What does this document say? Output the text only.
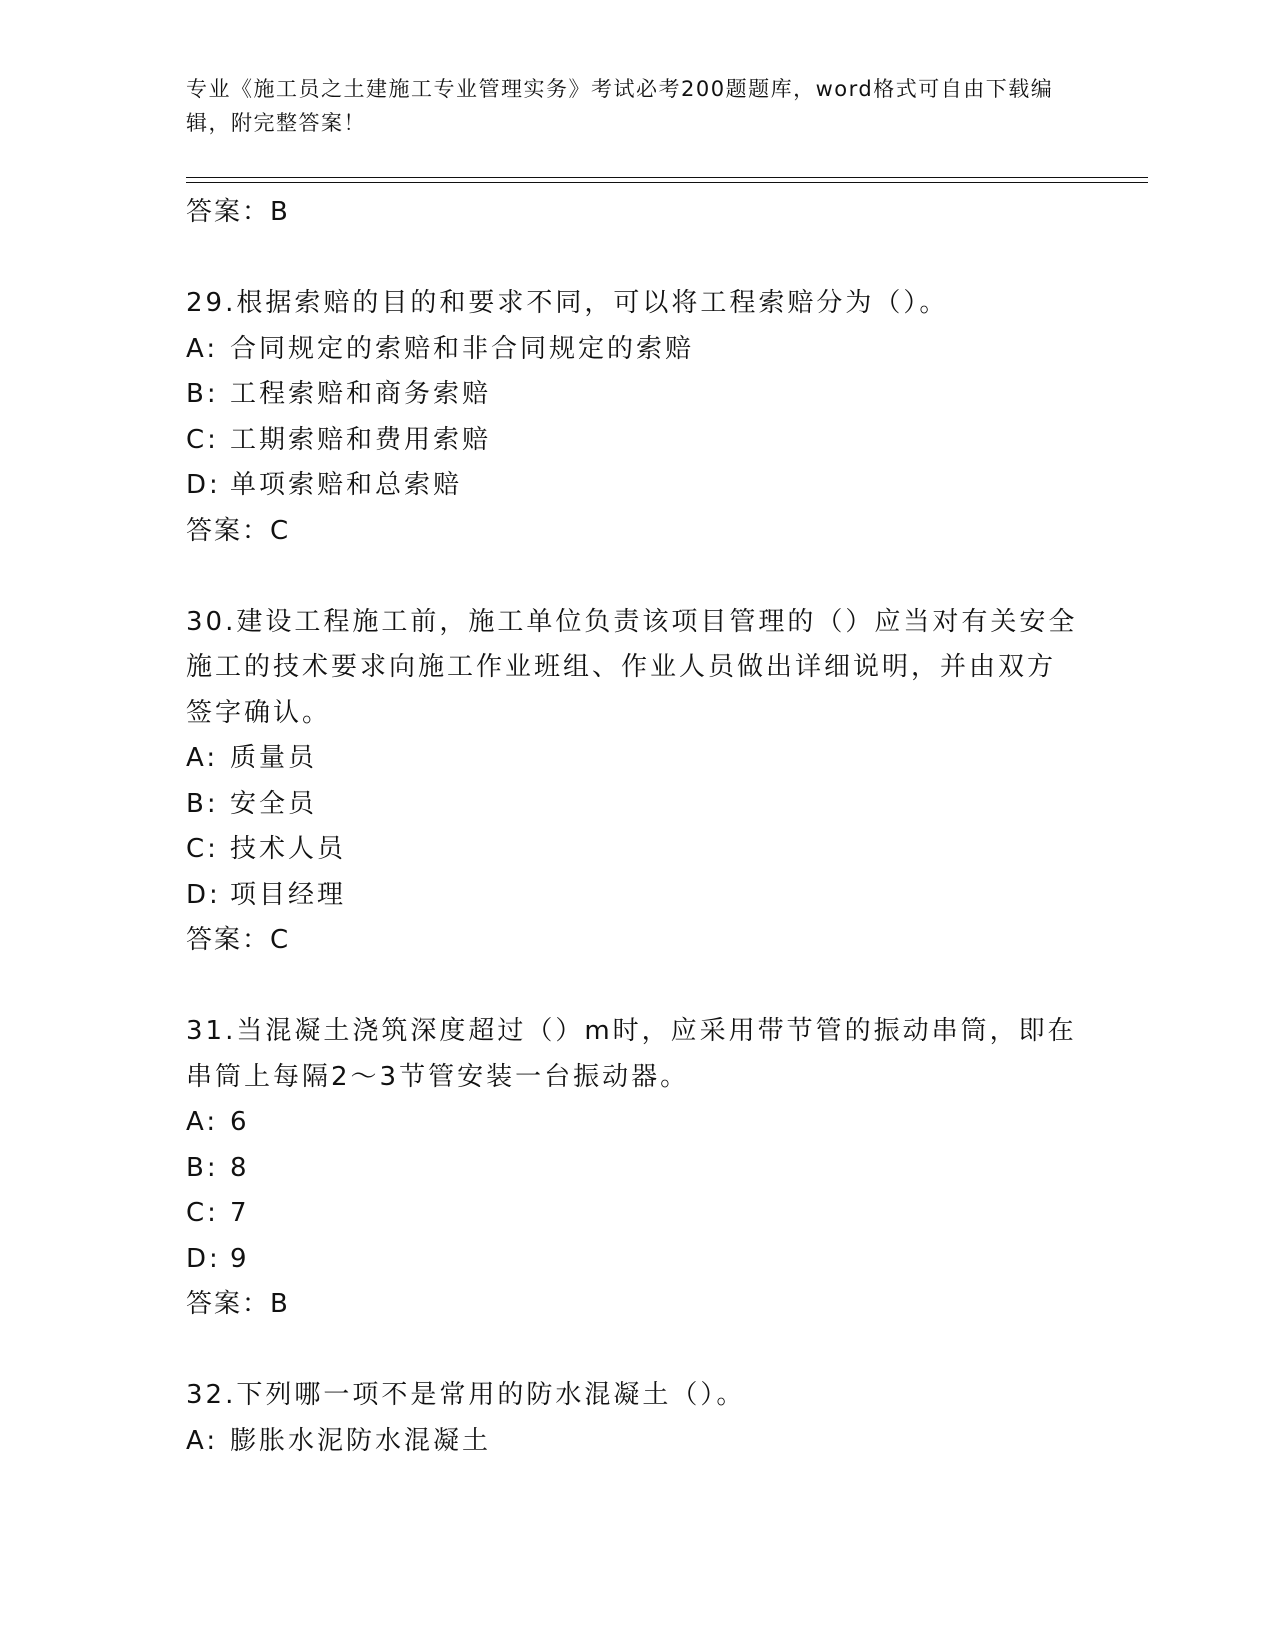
专业《施工员之土建施工专业管理实务》考试必考200题题库，word格式可自由下载编辑，附完整答案！
答案：B
29.根据索赔的目的和要求不同，可以将工程索赔分为（）。
A: 合同规定的索赔和非合同规定的索赔
B: 工程索赔和商务索赔
C: 工期索赔和费用索赔
D: 单项索赔和总索赔
答案：C
30.建设工程施工前，施工单位负责该项目管理的（）应当对有关安全
施工的技术要求向施工作业班组、作业人员做出详细说明，并由双方
签字确认。
A: 质量员
B: 安全员
C: 技术人员
D: 项目经理
答案：C
31.当混凝土浇筑深度超过（）m时，应采用带节管的振动串筒，即在
串筒上每隔2～3节管安装一台振动器。
A: 6
B: 8
C: 7
D: 9
答案：B
32.下列哪一项不是常用的防水混凝土（）。
A: 膨胀水泥防水混凝土
